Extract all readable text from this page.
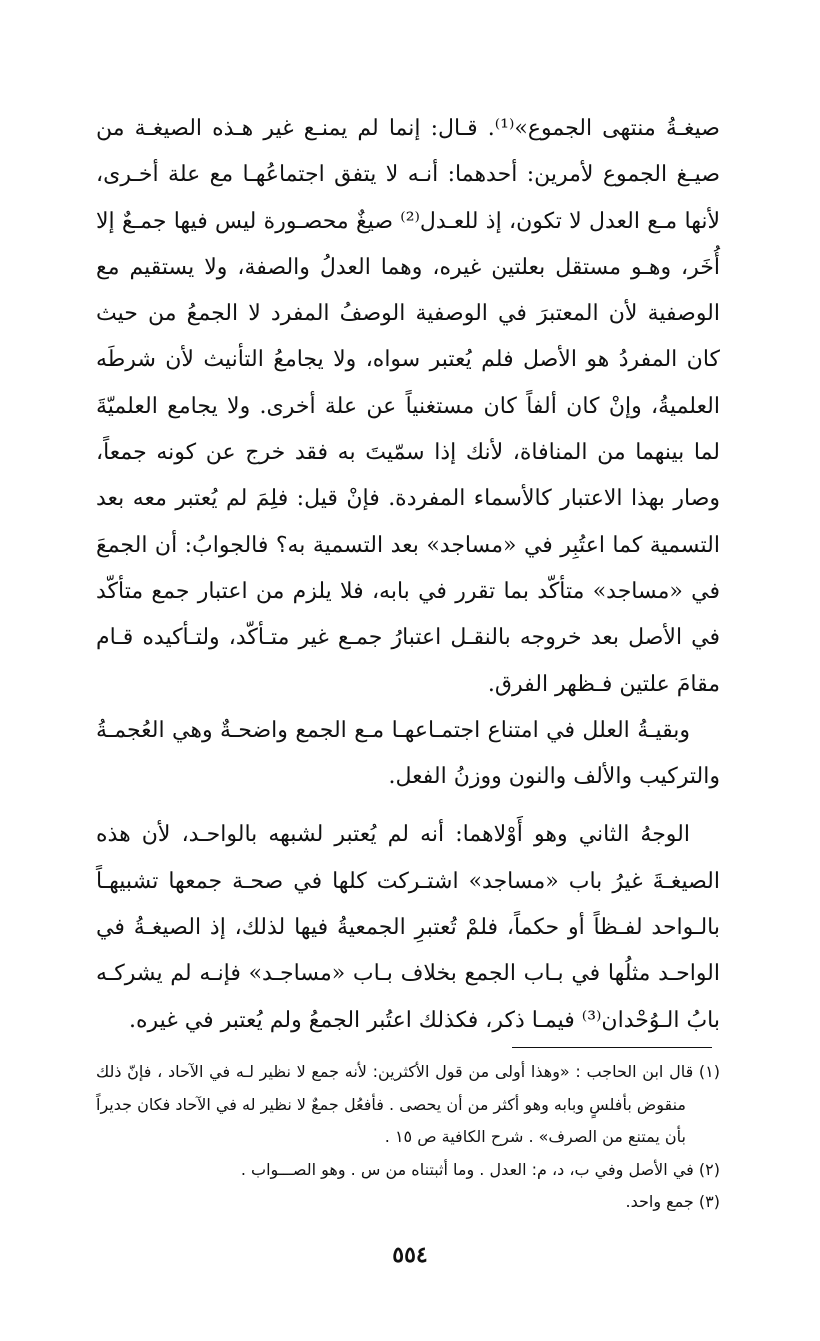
صيغـةُ منتهى الجموع»⁽¹⁾. قـال: إنما لم يمنـع غير هـذه الصيغـة من صيـغ الجموع لأمرين: أحدهما: أنـه لا يتفق اجتماعُهـا مع علة أخـرى، لأنها مـع العدل لا تكون، إذ للعـدل⁽²⁾ صيغٌ محصـورة ليس فيها جمـعٌ إلا أُخَر، وهـو مستقل بعلتين غيره، وهما العدلُ والصفة، ولا يستقيم مع الوصفية لأن المعتبرَ في الوصفية الوصفُ المفرد لا الجمعُ من حيث كان المفردُ هو الأصل فلم يُعتبر سواه، ولا يجامعُ التأنيث لأن شرطَه العلميةُ، وإنْ كان ألفاً كان مستغنياً عن علة أخرى. ولا يجامع العلميّةَ لما بينهما من المنافاة، لأنك إذا سمّيتَ به فقد خرج عن كونه جمعاً، وصار بهذا الاعتبار كالأسماء المفردة. فإنْ قيل: فلِمَ لم يُعتبر معه بعد التسمية كما اعتُبِر في «مساجد» بعد التسمية به؟ فالجوابُ: أن الجمعَ في «مساجد» متأكّد بما تقرر في بابه، فلا يلزم من اعتبار جمع متأكّد في الأصل بعد خروجه بالنقـل اعتبارُ جمـع غير متـأكّد، ولتـأكيده قـام مقامَ علتين فـظهر الفرق.

وبقيـةُ العلل في امتناع اجتمـاعهـا مـع الجمع واضحـةٌ وهي العُجمـةُ والتركيب والألف والنون ووزنُ الفعل.

الوجهُ الثاني وهو أَوْلاهما: أنه لم يُعتبر لشبهه بالواحـد، لأن هذه الصيغـةَ غيرُ باب «مساجد» اشتـركت كلها في صحـة جمعها تشبيهـاً بالـواحد لفـظاً أو حكماً، فلمْ تُعتبرِ الجمعيةُ فيها لذلك، إذ الصيغـةُ في الواحـد مثلُها في بـاب الجمع بخلاف بـاب «مساجـد» فإنـه لم يشركـه بابُ الـوُحْدان⁽³⁾ فيمـا ذكر، فكذلك اعتُبر الجمعُ ولم يُعتبر في غيره.

(١) قال ابن الحاجب : «وهذا أولى من قول الأكثرين: لأنه جمع لا نظير لـه في الآحاد ، فإنّ ذلك منقوض بأفلسٍ وبابه وهو أكثر من أن يحصى . فأفعُل جمعٌ لا نظير له في الآحاد فكان جديراً بأن يمتنع من الصرف» . شرح الكافية ص ١٥ .

(٢) في الأصل وفي ب، د، م: العدل . وما أثبتناه من س . وهو الصـــواب .

(٣) جمع واحد.

٥٥٤
